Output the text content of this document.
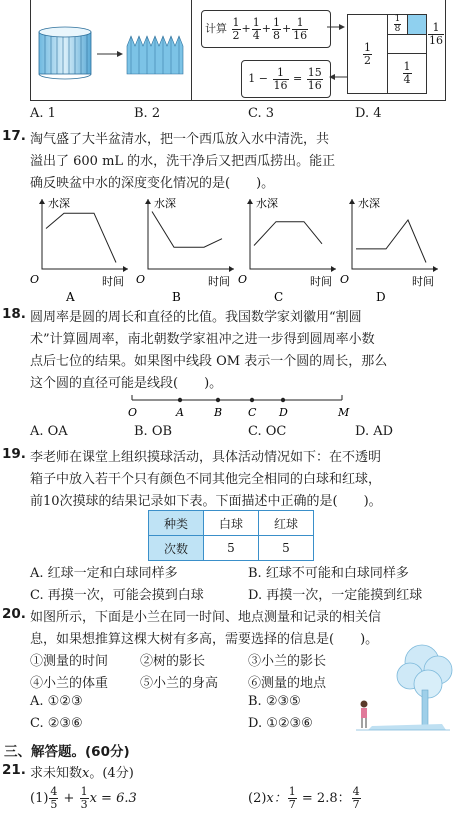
计算 $\frac{1}{2} + \frac{1}{4} + \frac{1}{8} + \frac{1}{16}$
$1 - \frac{1}{16} = \frac{15}{16}$
$\frac{1}{2}$
$\frac{1}{8}$
$\frac{1}{4}$
$\frac{1}{16}$
A. 1	B. 2	C. 3	D. 4
17. 淘气盛了大半盆清水，把一个西瓜放入水中清洗，共
溢出了 600 mL 的水，洗干净后又把西瓜捞出。能正
确反映盆中水的深度变化情况的是(　　)。
水深
时间
O
A
水深
时间
O
B
水深
时间
O
C
水深
时间
O
D
18. 圆周率是圆的周长和直径的比值。我国数学家刘徽用“割圆
术”计算圆周率，南北朝数学家祖冲之进一步得到圆周率小数
点后七位的结果。如果图中线段 OM 表示一个圆的周长，那么
这个圆的直径可能是线段(　　)。
O	A	B C D	M
A. OA	B. OB	C. OC	D. AD
19. 李老师在课堂上组织摸球活动，具体活动情况如下：在不透明
箱子中放入若干个只有颜色不同其他完全相同的白球和红球，
前10次摸球的结果记录如下表。下面描述中正确的是(　　)。
种类	白球	红球
次数	5	5
A. 红球一定和白球同样多	B. 红球不可能和白球同样多
C. 再摸一次，可能会摸到白球	D. 再摸一次，一定能摸到红球
20. 如图所示，下面是小兰在同一时间、地点测量和记录的相关信
息，如果想推算这棵大树有多高，需要选择的信息是(　　)。
①测量的时间 ②树的影长	③小兰的影长
④小兰的体重 ⑤小兰的身高 ⑥测量的地点
A. ①②③	B. ②③⑤
C. ②③⑥	D. ①②③⑥
三、解答题。(60分)
21. 求未知数x。(4分)
$(1) \frac{4}{5} + \frac{1}{3}$ x = 6.3	(2)x： $\frac{1}{7} = 2.8$： $\frac{4}{7}$
